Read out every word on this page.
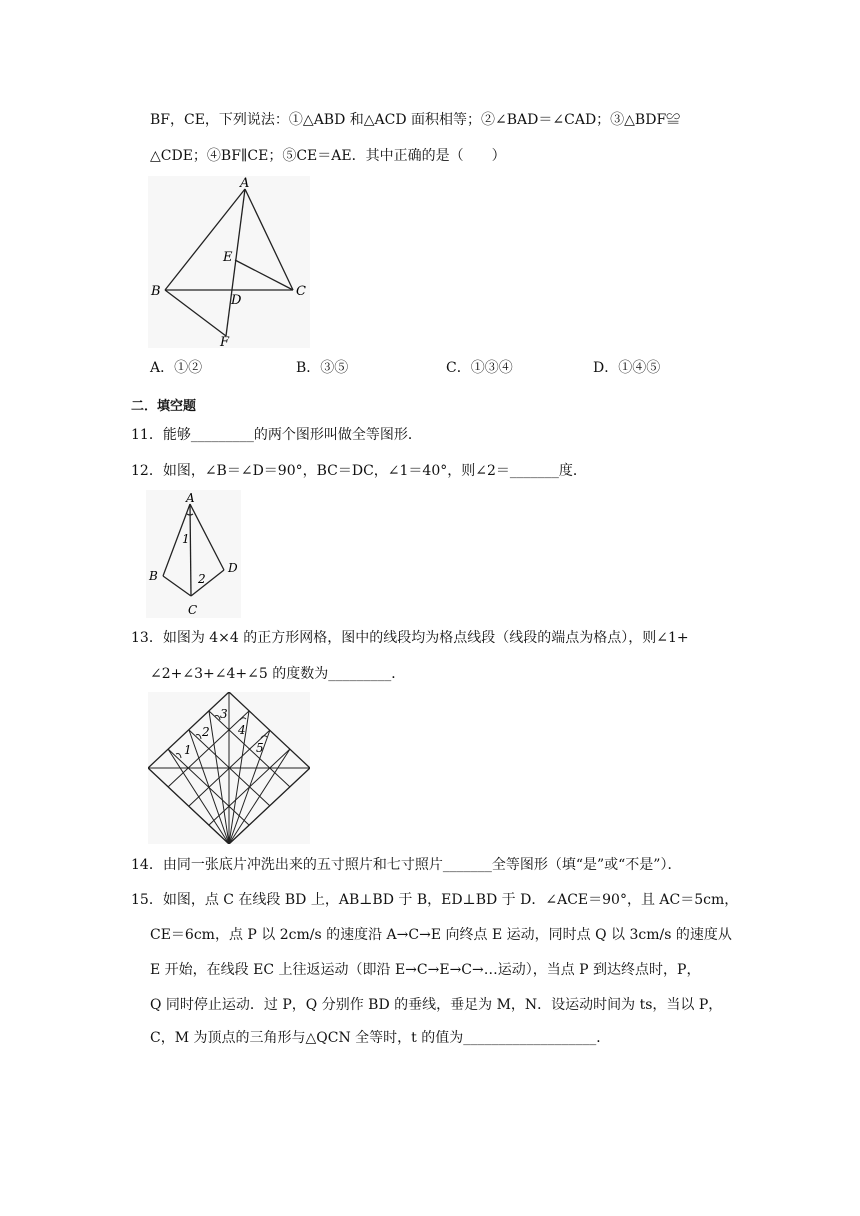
BF，CE，下列说法：①△ABD 和△ACD 面积相等；②∠BAD＝∠CAD；③△BDF≌
△CDE；④BF∥CE；⑤CE＝AE．其中正确的是（　　）
A
B	C
D
E
F
A．①②	B．③⑤	C．①③④	D．①④⑤
二．填空题
11．能够_________的两个图形叫做全等图形．
12．如图，∠B＝∠D＝90°，BC＝DC，∠1＝40°，则∠2＝_______度．
A
B
C
D
1
2
13．如图为 4×4 的正方形网格，图中的线段均为格点线段（线段的端点为格点），则∠1+
∠2+∠3+∠4+∠5 的度数为_________．
1
2
3
4
5
14．由同一张底片冲洗出来的五寸照片和七寸照片_______全等图形（填“是”或“不是”）．
15．如图，点 C 在线段 BD 上，AB⊥BD 于 B，ED⊥BD 于 D．∠ACE＝90°，且 AC＝5cm，
CE＝6cm，点 P 以 2cm/s 的速度沿 A→C→E 向终点 E 运动，同时点 Q 以 3cm/s 的速度从
E 开始，在线段 EC 上往返运动（即沿 E→C→E→C→…运动），当点 P 到达终点时，P，
Q 同时停止运动．过 P，Q 分别作 BD 的垂线，垂足为 M，N．设运动时间为 ts，当以 P，
C，M 为顶点的三角形与△QCN 全等时，t 的值为___________________．
